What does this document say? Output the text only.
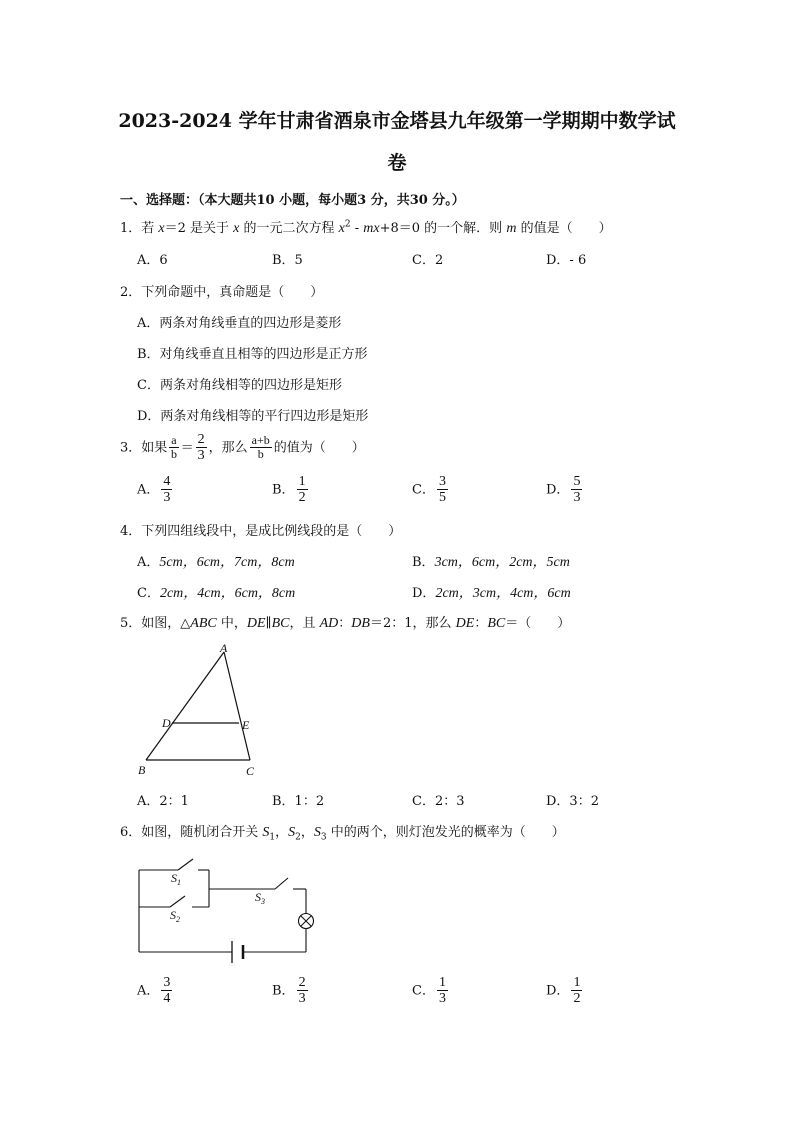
2023-2024 学年甘肃省酒泉市金塔县九年级第一学期期中数学试
卷
一、选择题：（本大题共10 小题，每小题3 分，共30 分。）
1．若 x＝2 是关于 x 的一元二次方程 $x^2 - mx+8=0$ 的一个解．则 m 的值是（　　）
A．6	B．5	C．2	D．- 6
2．下列命题中，真命题是（　　）
A．两条对角线垂直的四边形是菱形
B．对角线垂直且相等的四边形是正方形
C．两条对角线相等的四边形是矩形
D．两条对角线相等的平行四边形是矩形
3．如果 $\frac{a}{b} = \frac{2}{3}$ ，那么 $\frac{a+b}{b}$ 的值为（　　）
A． $\frac{4}{3}$	B． $\frac{1}{2}$	C． $\frac{3}{5}$	D． $\frac{5}{3}$
4．下列四组线段中，是成比例线段的是（　　）
A．5cm，6cm，7cm，8cm	B．3cm，6cm，2cm，5cm
C．2cm，4cm，6cm，8cm	D．2cm，3cm，4cm，6cm
5．如图，△ABC 中，DE∥BC，且 AD：DB＝2：1，那么 DE：BC＝（　　）
A
D	E
B	C
A．2：1	B．1：2	C．2：3	D．3：2
6．如图，随机闭合开关 $S_1$，$S_2$，$S_3$ 中的两个，则灯泡发光的概率为（　　）
$S_1$
$S_2$
$S_3$
A． $\frac{3}{4}$	B． $\frac{2}{3}$	C． $\frac{1}{3}$	D． $\frac{1}{2}$
